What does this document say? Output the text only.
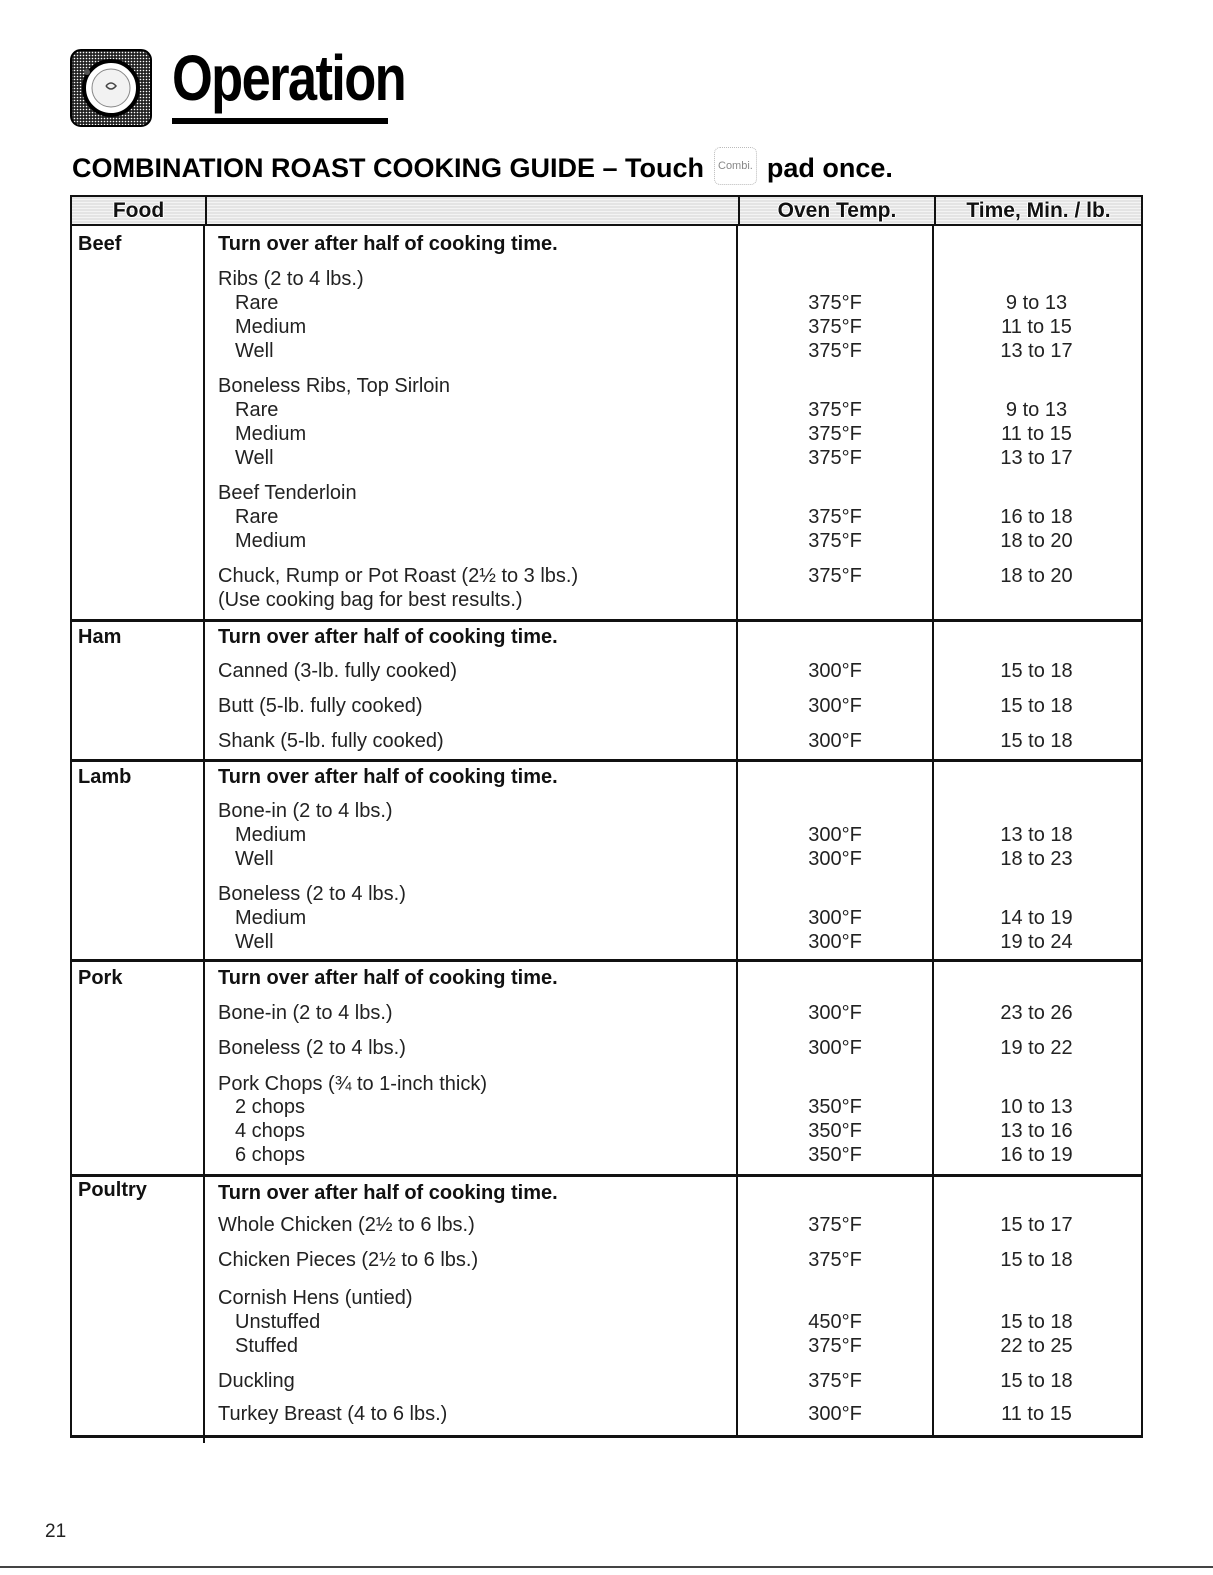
Operation
COMBINATION ROAST COOKING GUIDE – Touch Combi. pad once.
Food	Oven Temp.	Time, Min. / lb.
Beef	Turn over after half of cooking time.
Ribs (2 to 4 lbs.)
Rare	375°F	9 to 13
Medium	375°F	11 to 15
Well	375°F	13 to 17
Boneless Ribs, Top Sirloin
Rare	375°F	9 to 13
Medium	375°F	11 to 15
Well	375°F	13 to 17
Beef Tenderloin
Rare	375°F	16 to 18
Medium	375°F	18 to 20
Chuck, Rump or Pot Roast (2½ to 3 lbs.)	375°F	18 to 20
(Use cooking bag for best results.)
Ham	Turn over after half of cooking time.
Canned (3-lb. fully cooked)	300°F	15 to 18
Butt (5-lb. fully cooked)	300°F	15 to 18
Shank (5-lb. fully cooked)	300°F	15 to 18
Lamb	Turn over after half of cooking time.
Bone-in (2 to 4 lbs.)
Medium	300°F	13 to 18
Well	300°F	18 to 23
Boneless (2 to 4 lbs.)
Medium	300°F	14 to 19
Well	300°F	19 to 24
Pork	Turn over after half of cooking time.
Bone-in (2 to 4 lbs.)	300°F	23 to 26
Boneless (2 to 4 lbs.)	300°F	19 to 22
Pork Chops (¾ to 1-inch thick)
2 chops	350°F	10 to 13
4 chops	350°F	13 to 16
6 chops	350°F	16 to 19
Poultry	Turn over after half of cooking time.
Whole Chicken (2½ to 6 lbs.)	375°F	15 to 17
Chicken Pieces (2½ to 6 lbs.)	375°F	15 to 18
Cornish Hens (untied)
Unstuffed	450°F	15 to 18
Stuffed	375°F	22 to 25
Duckling	375°F	15 to 18
Turkey Breast (4 to 6 lbs.)	300°F	11 to 15
21
